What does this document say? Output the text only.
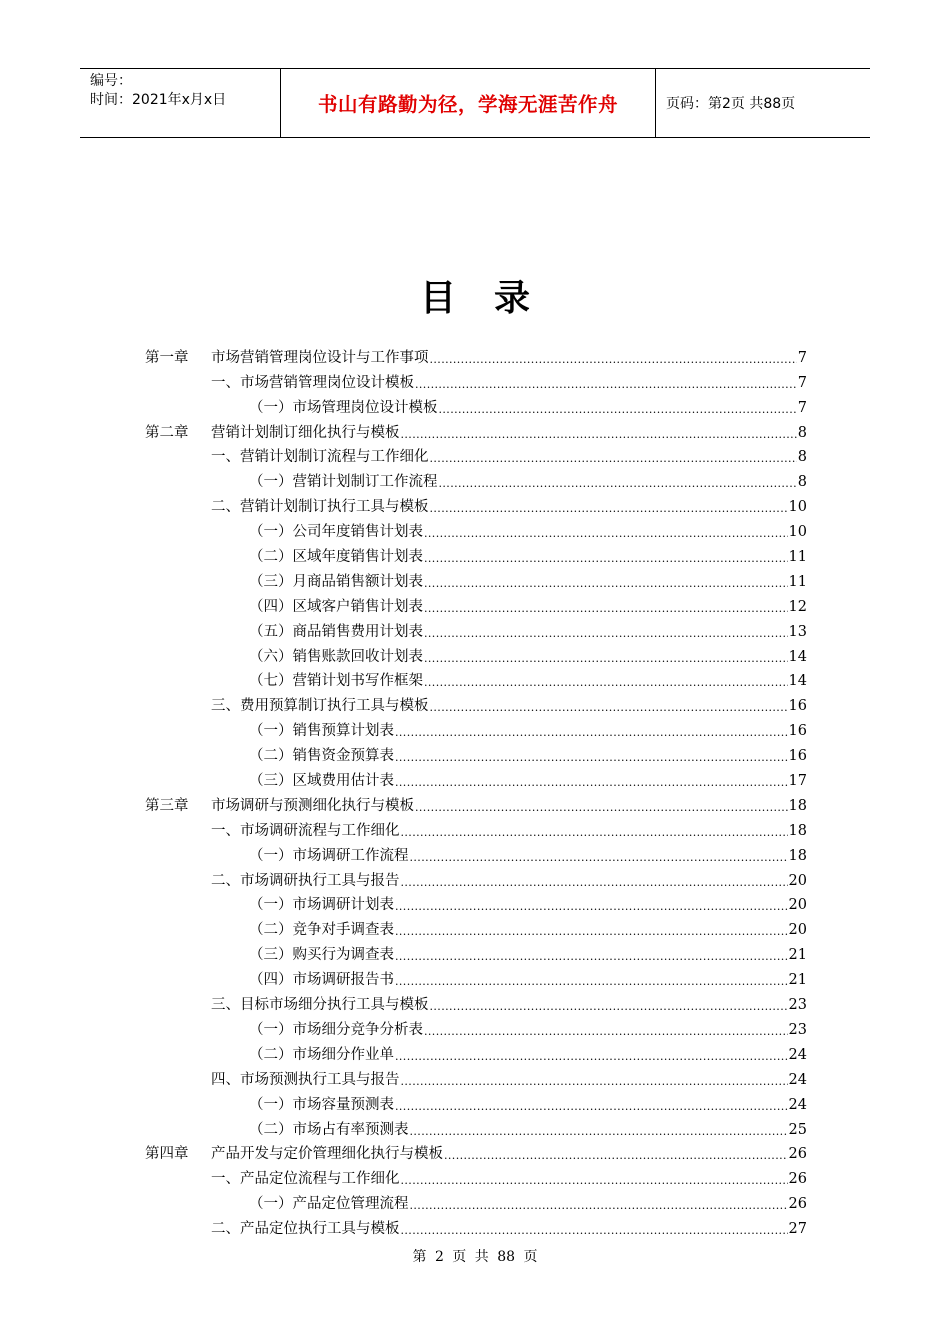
编号：
时间：2021年x月x日	书山有路勤为径，学海无涯苦作舟	页码：第2页 共88页
目录
第一章 市场营销管理岗位设计与工作事项 .....	7
一、市场营销管理岗位设计模板 .....	7
（一）市场管理岗位设计模板 .....	7
第二章 营销计划制订细化执行与模板 .....	8
一、营销计划制订流程与工作细化 .....	8
（一）营销计划制订工作流程 .....	8
二、营销计划制订执行工具与模板 .....	10
（一）公司年度销售计划表 .....	10
（二）区域年度销售计划表 .....	11
（三）月商品销售额计划表 .....	11
（四）区域客户销售计划表 .....	12
（五）商品销售费用计划表 .....	13
（六）销售账款回收计划表 .....	14
（七）营销计划书写作框架 .....	14
三、费用预算制订执行工具与模板 .....	16
（一）销售预算计划表 .....	16
（二）销售资金预算表 .....	16
（三）区域费用估计表 .....	17
第三章 市场调研与预测细化执行与模板 .....	18
一、市场调研流程与工作细化 .....	18
（一）市场调研工作流程 .....	18
二、市场调研执行工具与报告 .....	20
（一）市场调研计划表 .....	20
（二）竞争对手调查表 .....	20
（三）购买行为调查表 .....	21
（四）市场调研报告书 .....	21
三、目标市场细分执行工具与模板 .....	23
（一）市场细分竞争分析表 .....	23
（二）市场细分作业单 .....	24
四、市场预测执行工具与报告 .....	24
（一）市场容量预测表 .....	24
（二）市场占有率预测表 .....	25
第四章 产品开发与定价管理细化执行与模板 .....	26
一、产品定位流程与工作细化 .....	26
（一）产品定位管理流程 .....	26
二、产品定位执行工具与模板 .....	27
第 2 页 共 88 页
